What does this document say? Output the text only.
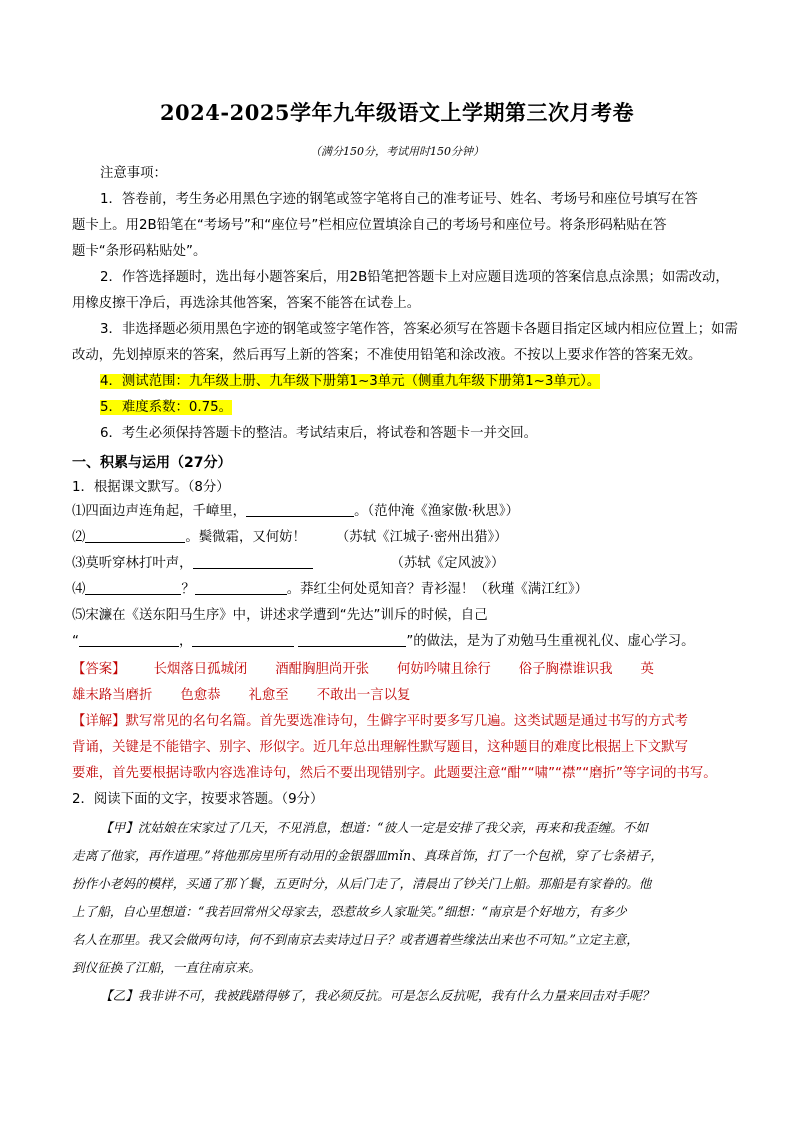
2024-2025学年九年级语文上学期第三次月考卷
（满分150分，考试用时150分钟）
注意事项：
1．答卷前，考生务必用黑色字迹的钢笔或签字笔将自己的准考证号、姓名、考场号和座位号填写在答
题卡上。用2B铅笔在“考场号”和“座位号”栏相应位置填涂自己的考场号和座位号。将条形码粘贴在答
题卡“条形码粘贴处”。
2．作答选择题时，选出每小题答案后，用2B铅笔把答题卡上对应题目选项的答案信息点涂黑；如需改动，
用橡皮擦干净后，再选涂其他答案，答案不能答在试卷上。
3．非选择题必须用黑色字迹的钢笔或签字笔作答，答案必须写在答题卡各题目指定区域内相应位置上；如需
改动，先划掉原来的答案，然后再写上新的答案；不准使用铅笔和涂改液。不按以上要求作答的答案无效。
4．测试范围：九年级上册、九年级下册第1~3单元（侧重九年级下册第1~3单元）。
5．难度系数：0.75。
6．考生必须保持答题卡的整洁。考试结束后，将试卷和答题卡一并交回。
一、积累与运用（27分）
1．根据课文默写。（8分）
⑴四面边声连角起，千嶂里，	。（范仲淹《渔家傲·秋思》）
⑵	。鬓微霜，又何妨！ （苏轼《江城子·密州出猎》）
⑶莫听穿林打叶声，	（苏轼《定风波》）
⑷	？	。莽红尘何处觅知音？青衫湿！（秋瑾《满江红》）
⑸宋濂在《送东阳马生序》中，讲述求学遭到“先达”训斥的时候，自己
“	，	”的做法，是为了劝勉马生重视礼仪、虚心学习。
【答案】 长烟落日孤城闭 酒酣胸胆尚开张 何妨吟啸且徐行 俗子胸襟谁识我 英
雄末路当磨折 色愈恭 礼愈至 不敢出一言以复
【详解】默写常见的名句名篇。首先要选准诗句，生僻字平时要多写几遍。这类试题是通过书写的方式考
背诵，关键是不能错字、别字、形似字。近几年总出理解性默写题目，这种题目的难度比根据上下文默写
要难，首先要根据诗歌内容选准诗句，然后不要出现错别字。此题要注意“酣”“啸”“襟”“磨折”等字词的书写。
2．阅读下面的文字，按要求答题。（9分）
【甲】沈姑娘在宋家过了几天，不见消息，想道：“彼人一定是安排了我父亲，再来和我歪缠。不如
走离了他家，再作道理。”将他那房里所有动用的金银器皿mǐn、真珠首饰，打了一个包袱，穿了七条裙子，
扮作小老妈的模样，买通了那丫鬟，五更时分，从后门走了，清晨出了钞关门上船。那船是有家眷的。他
上了船，自心里想道：“我若回常州父母家去，恐惹故乡人家耻笑。”细想：“南京是个好地方，有多少
名人在那里。我又会做两句诗，何不到南京去卖诗过日子？或者遇着些缘法出来也不可知。”立定主意，
到仪征换了江船，一直往南京来。
【乙】我非讲不可，我被践踏得够了，我必须反抗。可是怎么反抗呢，我有什么力量来回击对手呢？
